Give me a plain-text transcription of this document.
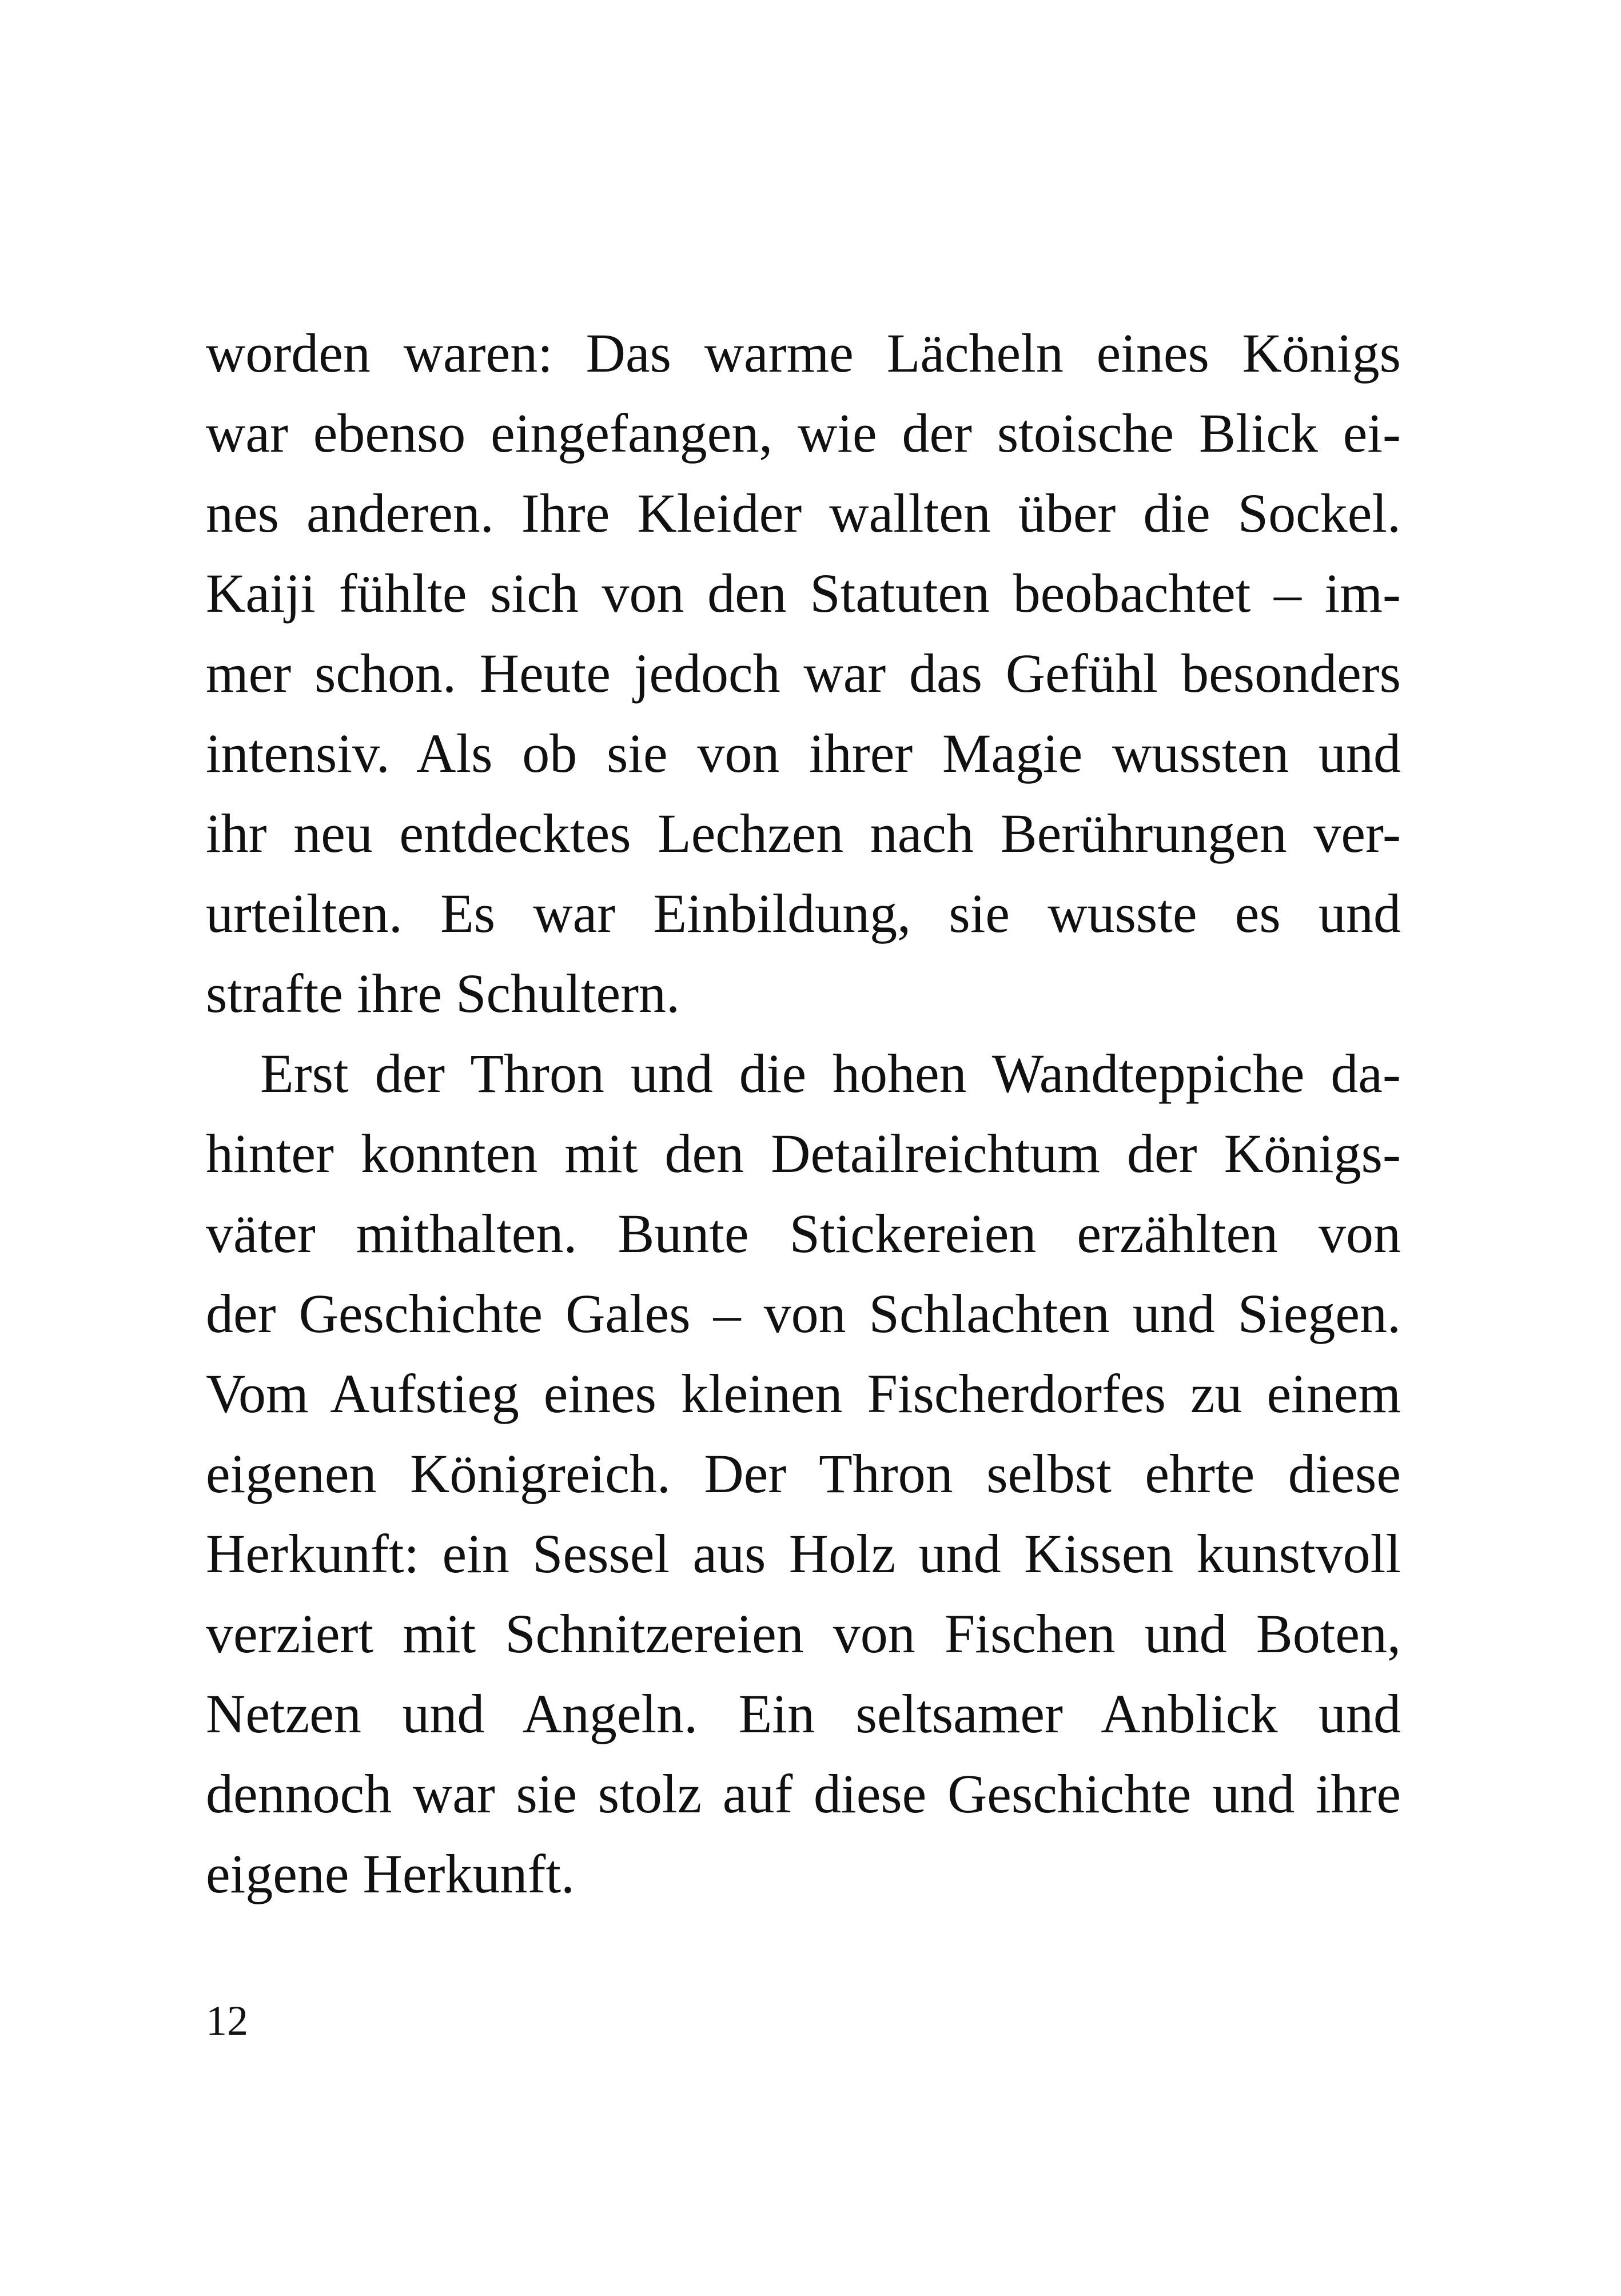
worden waren: Das warme Lächeln eines Königs
war ebenso eingefangen, wie der stoische Blick ei-
nes anderen. Ihre Kleider wallten über die Sockel.
Kaiji fühlte sich von den Statuten beobachtet – im-
mer schon. Heute jedoch war das Gefühl besonders
intensiv. Als ob sie von ihrer Magie wussten und
ihr neu entdecktes Lechzen nach Berührungen ver-
urteilten. Es war Einbildung, sie wusste es und
strafte ihre Schultern.
Erst der Thron und die hohen Wandteppiche da-
hinter konnten mit den Detailreichtum der Königs-
väter mithalten. Bunte Stickereien erzählten von
der Geschichte Gales – von Schlachten und Siegen.
Vom Aufstieg eines kleinen Fischerdorfes zu einem
eigenen Königreich. Der Thron selbst ehrte diese
Herkunft: ein Sessel aus Holz und Kissen kunstvoll
verziert mit Schnitzereien von Fischen und Boten,
Netzen und Angeln. Ein seltsamer Anblick und
dennoch war sie stolz auf diese Geschichte und ihre
eigene Herkunft.
12
